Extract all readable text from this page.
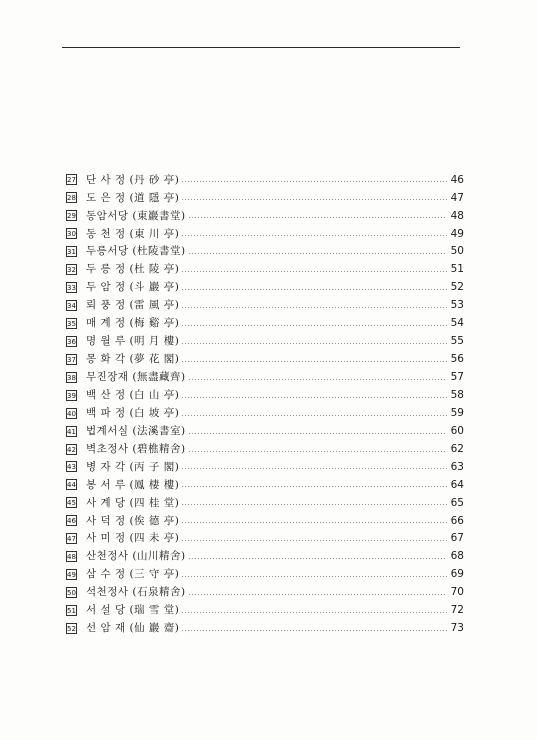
27 단 사 정 (丹 砂 亭)	46
28 도 은 정 (道 隱 亭)	47
29 동암서당 (東巖書堂)	48
30 동 천 정 (東 川 亭)	49
31 두릉서당 (杜陵書堂)	50
32 두 릉 정 (杜 陵 亭)	51
33 두 암 정 (斗 巖 亭)	52
34 뢰 풍 정 (雷 風 亭)	53
35 매 계 정 (梅 谿 亭)	54
36 명 월 루 (明 月 樓)	55
37 몽 화 각 (夢 花 閣)	56
38 무진장재 (無盡藏齊)	57
39 백 산 정 (白 山 亭)	58
40 백 파 정 (白 坡 亭)	59
41 법계서실 (法溪書室)	60
42 벽초정사 (碧樵精舍)	62
43 병 자 각 (丙 子 閣)	63
44 봉 서 루 (鳳 棲 樓)	64
45 사 계 당 (四 桂 堂)	65
46 사 덕 정 (俟 德 亭)	66
47 사 미 정 (四 未 亭)	67
48 산천정사 (山川精舍)	68
49 삼 수 정 (三 守 亭)	69
50 석천정사 (石泉精舍)	70
51 서 설 당 (瑞 雪 堂)	72
52 선 암 재 (仙 巖 齋)	73
